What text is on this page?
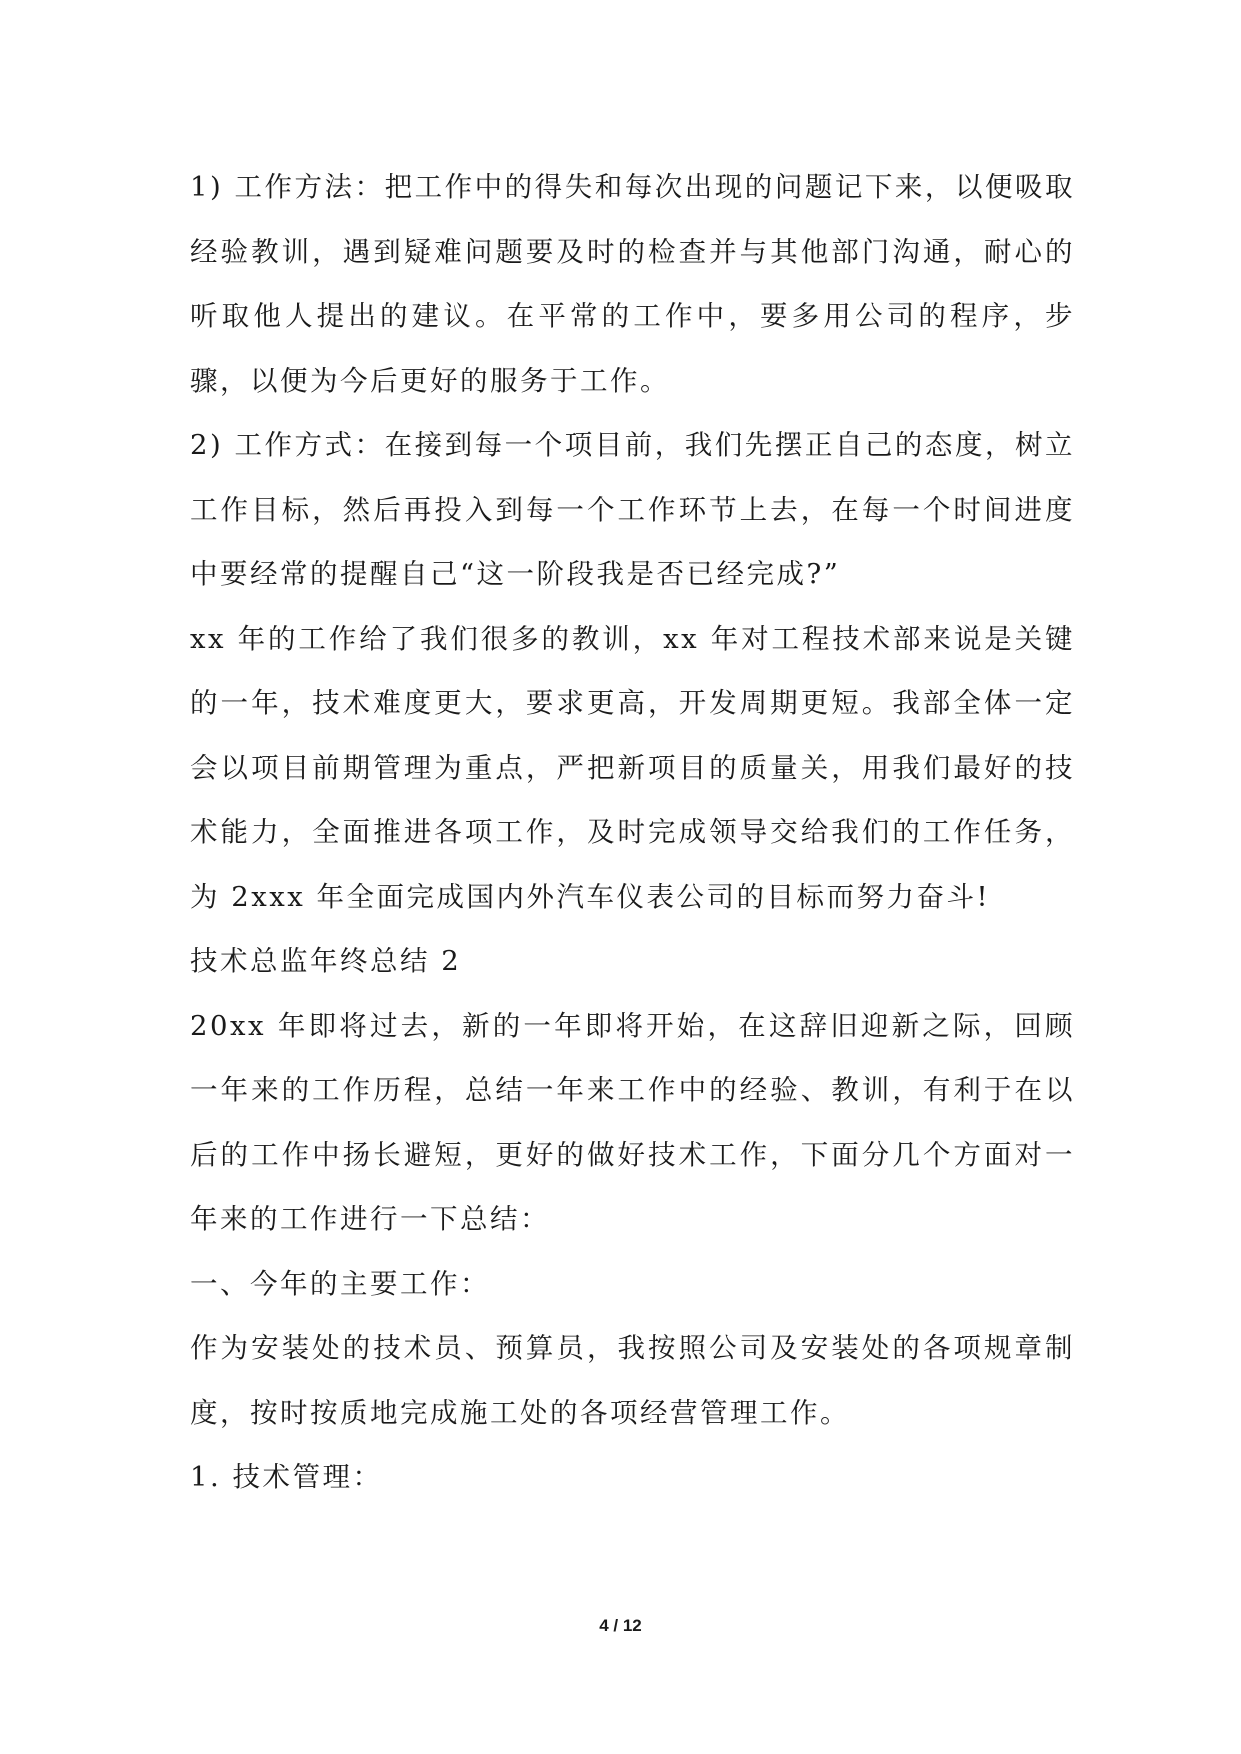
1) 工作方法：把工作中的得失和每次出现的问题记下来，以便吸取经验教训，遇到疑难问题要及时的检查并与其他部门沟通，耐心的听取他人提出的建议。在平常的工作中，要多用公司的程序，步骤，以便为今后更好的服务于工作。

2) 工作方式：在接到每一个项目前，我们先摆正自己的态度，树立工作目标，然后再投入到每一个工作环节上去，在每一个时间进度中要经常的提醒自己“这一阶段我是否已经完成?”

xx 年的工作给了我们很多的教训，xx 年对工程技术部来说是关键的一年，技术难度更大，要求更高，开发周期更短。我部全体一定会以项目前期管理为重点，严把新项目的质量关，用我们最好的技术能力，全面推进各项工作，及时完成领导交给我们的工作任务，为 2xxx 年全面完成国内外汽车仪表公司的目标而努力奋斗!

技术总监年终总结 2

20xx 年即将过去，新的一年即将开始，在这辞旧迎新之际，回顾一年来的工作历程，总结一年来工作中的经验、教训，有利于在以后的工作中扬长避短，更好的做好技术工作，下面分几个方面对一年来的工作进行一下总结：

一、今年的主要工作：

作为安装处的技术员、预算员，我按照公司及安装处的各项规章制度，按时按质地完成施工处的各项经营管理工作。

1. 技术管理：

4 / 12
